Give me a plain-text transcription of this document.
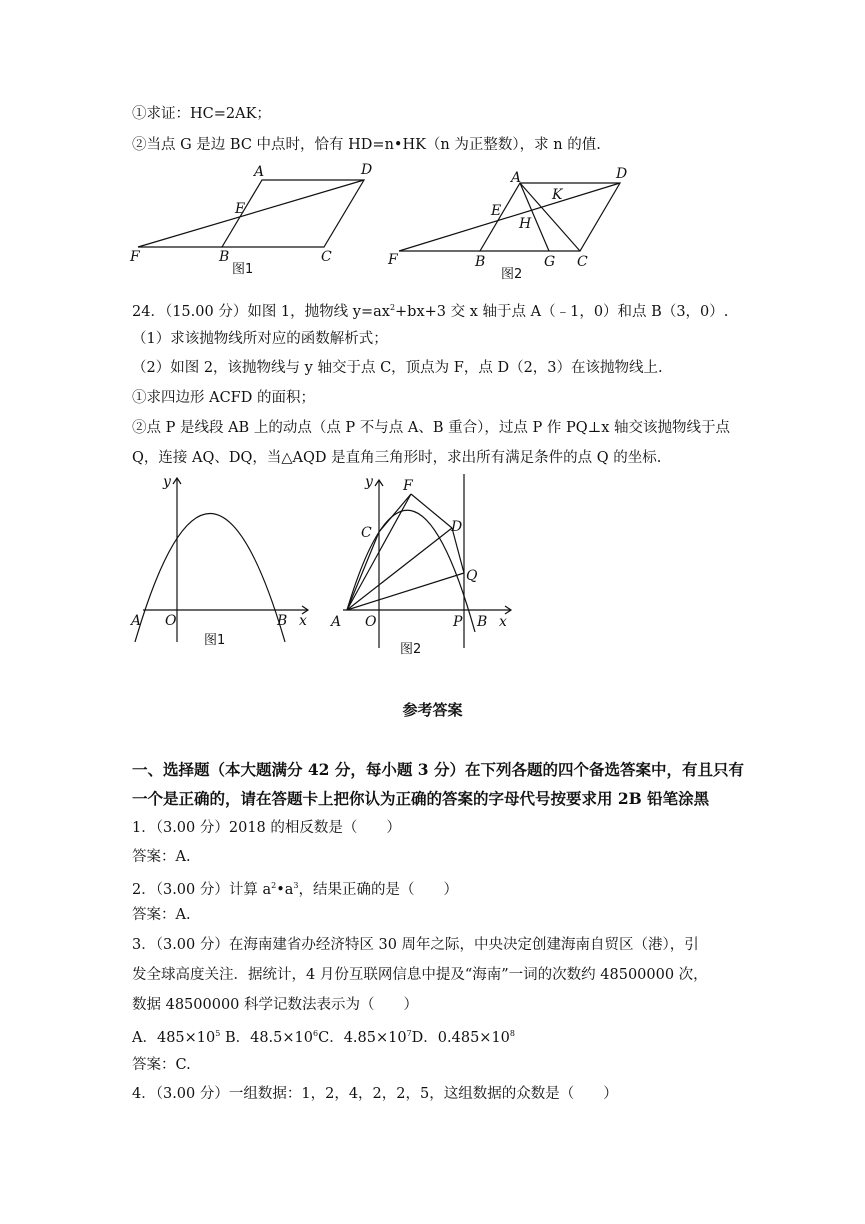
①求证：HC=2AK；
②当点 G 是边 BC 中点时，恰有 HD=n•HK（n 为正整数），求 n 的值.
A	D
E
F	B	C
图1
A	D
K
E
H
F	B	G C
图2
24．（15.00 分）如图 1，抛物线 $y=ax^2+bx+3$ 交 x 轴于点 A（﹣1，0）和点 B（3，0）.
（1）求该抛物线所对应的函数解析式；
（2）如图 2，该抛物线与 y 轴交于点 C，顶点为 F，点 D（2，3）在该抛物线上.
①求四边形 ACFD 的面积；
②点 P 是线段 AB 上的动点（点 P 不与点 A、B 重合），过点 P 作 PQ⊥x 轴交该抛物线于点
Q，连接 AQ、DQ，当△AQD 是直角三角形时，求出所有满足条件的点 Q 的坐标.
y
A O	B x
图1
y F
C	D
Q
A O	P B x
图2
参考答案
一、选择题（本大题满分 42 分，每小题 3 分）在下列各题的四个备选答案中，有且只有
一个是正确的，请在答题卡上把你认为正确的答案的字母代号按要求用 2B 铅笔涂黑
1．（3.00 分）2018 的相反数是（　　）
答案：A.
2．（3.00 分）计算 $a^2•a^3$，结果正确的是（　　）
答案：A.
3．（3.00 分）在海南建省办经济特区 30 周年之际，中央决定创建海南自贸区（港），引
发全球高度关注．据统计，4 月份互联网信息中提及“海南”一词的次数约 48500000 次，
数据 48500000 科学记数法表示为（　　）
A．$485\times 10^5$ B．$48.5\times 10^6C$．$4.85\times 10^7D$．$0.485\times 10^8$
答案：C.
4．（3.00 分）一组数据：1，2，4，2，2，5，这组数据的众数是（　　）
